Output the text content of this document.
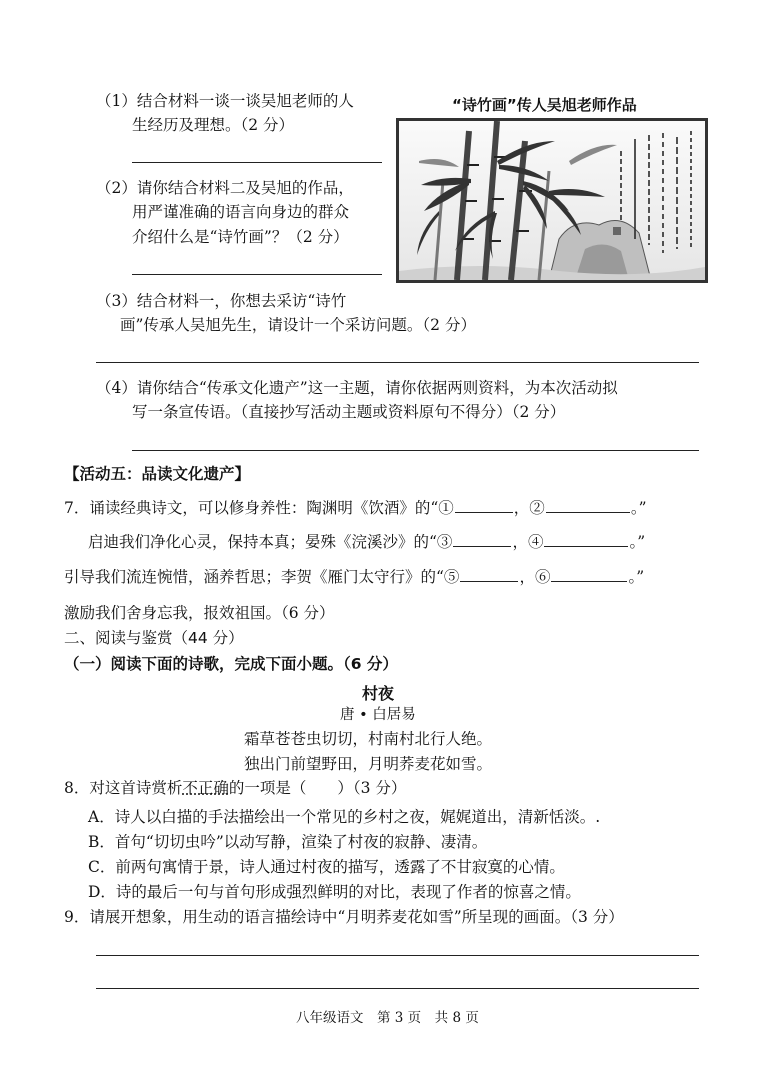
（1）结合材料一谈一谈吴旭老师的人
生经历及理想。（2 分）
（2）请你结合材料二及吴旭的作品，
用严谨准确的语言向身边的群众
介绍什么是“诗竹画”？（2 分）
（3）结合材料一，你想去采访“诗竹
画”传承人吴旭先生，请设计一个采访问题。（2 分）
（4）请你结合“传承文化遗产”这一主题，请你依据两则资料，为本次活动拟
写一条宣传语。（直接抄写活动主题或资料原句不得分）（2 分）
“诗竹画”传人吴旭老师作品
【活动五：品读文化遗产】
7．诵读经典诗文，可以修身养性：陶渊明《饮酒》的“①	，②	。”
启迪我们净化心灵，保持本真；晏殊《浣溪沙》的“③	，④	。”
引导我们流连惋惜，涵养哲思；李贺《雁门太守行》的“⑤	，⑥	。”
激励我们舍身忘我，报效祖国。（6 分）
二、阅读与鉴赏（44 分）
（一）阅读下面的诗歌，完成下面小题。（6 分）
村夜
唐 • 白居易
霜草苍苍虫切切，村南村北行人绝。
独出门前望野田，月明荞麦花如雪。
8．对这首诗赏析不正确的一项是（　　）（3 分）
A．诗人以白描的手法描绘出一个常见的乡村之夜，娓娓道出，清新恬淡。.
B．首句“切切虫吟”以动写静，渲染了村夜的寂静、凄清。
C．前两句寓情于景，诗人通过村夜的描写，透露了不甘寂寞的心情。
D．诗的最后一句与首句形成强烈鲜明的对比，表现了作者的惊喜之情。
9．请展开想象，用生动的语言描绘诗中“月明荞麦花如雪”所呈现的画面。（3 分）
八年级语文　第 3 页　共 8 页
